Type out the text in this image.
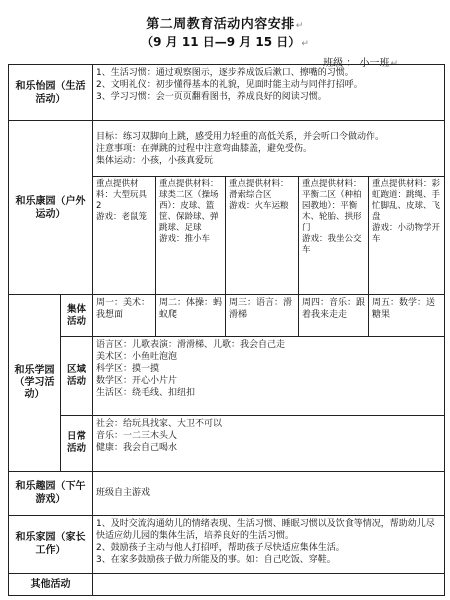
第二周教育活动内容安排↵
（9 月 11 日—9 月 15 日）↵
班级 ： 小一班↵
和乐怡园（生活活动）		1、生活习惯：通过观察图示，逐步养成饭后漱口、擦嘴的习惯。
2、文明礼仪：初步懂得基本的礼貌，见面时能主动与同伴打招呼。
3、学习习惯：会一页页翻看图书，养成良好的阅读习惯。				

和乐康园（户外运动）		目标：练习双脚向上跳，感受用力轻重的高低关系，并会听口令做动作。
注意事项：在弹跳的过程中注意弯曲膝盖，避免受伤。
集体运动：小孩，小孩真爱玩				

		重点提供材料：大型玩具 2
游戏：老鼠笼	重点提供材料：球类二区（操场西）：皮球、篮筐、保龄球、弹跳球、足球
游戏：推小车	重点提供材料：滑索综合区
游戏：火车运粮	重点提供材料：平衡二区（种柏园教地）：平衡木、轮胎、拱形门
游戏：我坐公交车	重点提供材料：彩虹跑道：跳绳、手忙脚乱、皮球、飞盘
游戏：小动物学开车
和乐学园（学习活动）	集体活动	周一：美术：我想面	周二：体操：蚂蚁爬	周三：语言：滑滑梯	周四：音乐：跟着我来走走	周五：数学：送糖果
	区域活动	语言区：儿歌表演：滑滑梯、儿歌：我会自己走
美术区：小鱼吐泡泡
科学区：摸一摸
数学区：开心小片片
生活区：绕毛线、扣纽扣				

	日常活动	社会：给玩具找家、大卫不可以
音乐：一二三木头人
健康：我会自己喝水				

和乐趣园（下午游戏）		班级自主游戏				
和乐家园（家长工作）		1、及时交流沟通幼儿的情绪表现、生活习惯、睡眠习惯以及饮食等情况，帮助幼儿尽快适应幼儿园的集体生活，培养良好的生活习惯。
2、鼓励孩子主动与他人打招呼，帮助孩子尽快适应集体生活。
3、在家多鼓励孩子做力所能及的事。如：自己吃饭、穿鞋。				

其他活动						
